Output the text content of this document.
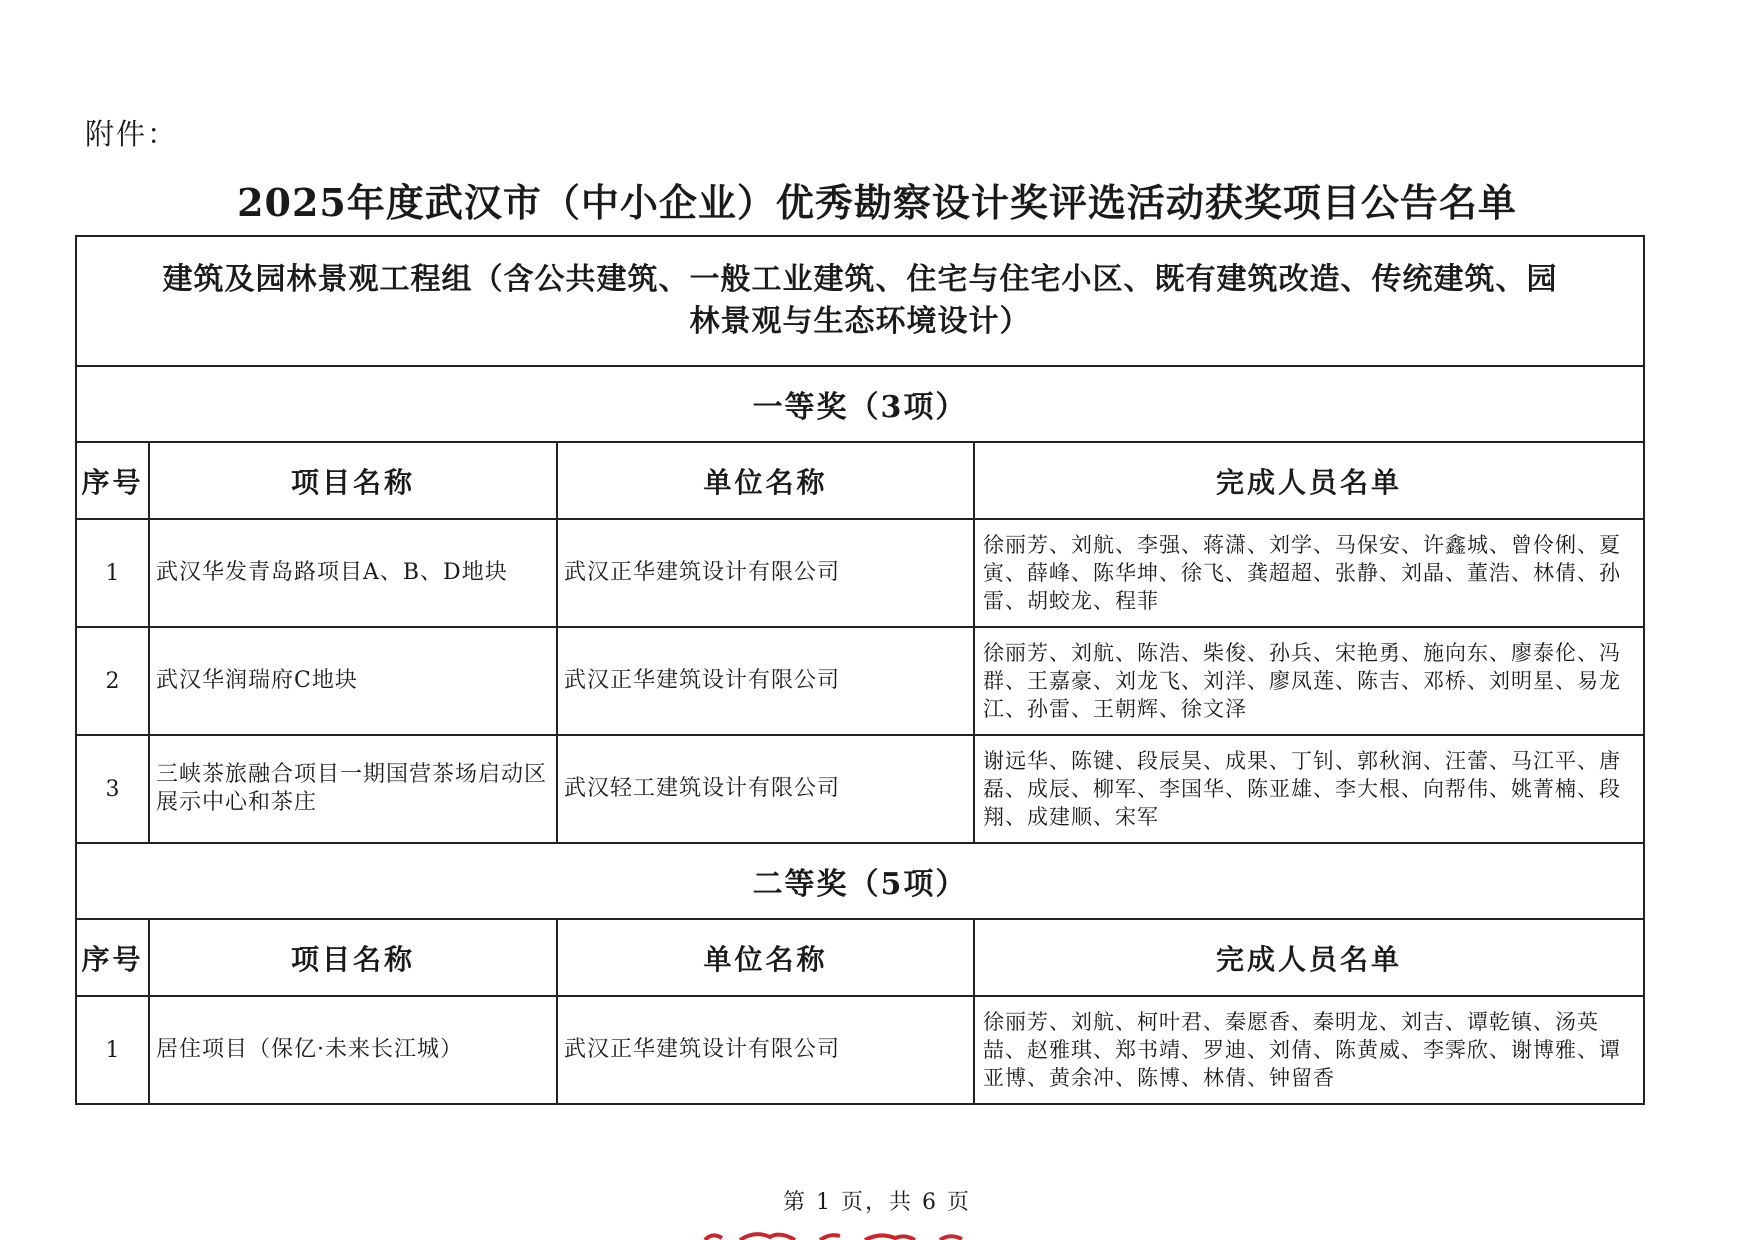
附件：
2025年度武汉市（中小企业）优秀勘察设计奖评选活动获奖项目公告名单
建筑及园林景观工程组（含公共建筑、一般工业建筑、住宅与住宅小区、既有建筑改造、传统建筑、园
林景观与生态环境设计）			

一等奖（3项）			
序号	项目名称	单位名称	完成人员名单
1	武汉华发青岛路项目A、B、D地块	武汉正华建筑设计有限公司	徐丽芳、刘航、李强、蒋潇、刘学、马保安、许鑫城、曾伶俐、夏寅、薛峰、陈华坤、徐飞、龚超超、张静、刘晶、董浩、林倩、孙雷、胡蛟龙、程菲
2	武汉华润瑞府C地块	武汉正华建筑设计有限公司	徐丽芳、刘航、陈浩、柴俊、孙兵、宋艳勇、施向东、廖泰伦、冯群、王嘉豪、刘龙飞、刘洋、廖凤莲、陈吉、邓桥、刘明星、易龙江、孙雷、王朝辉、徐文泽
3	三峡茶旅融合项目一期国营茶场启动区展示中心和茶庄	武汉轻工建筑设计有限公司	谢远华、陈键、段辰昊、成果、丁钊、郭秋润、汪蕾、马江平、唐磊、成辰、柳军、李国华、陈亚雄、李大根、向帮伟、姚菁楠、段翔、成建顺、宋军
二等奖（5项）			
序号	项目名称	单位名称	完成人员名单
1	居住项目（保亿·未来长江城）	武汉正华建筑设计有限公司	徐丽芳、刘航、柯叶君、秦愿香、秦明龙、刘吉、谭乾镇、汤英喆、赵雅琪、郑书靖、罗迪、刘倩、陈黄威、李霁欣、谢博雅、谭亚博、黄余冲、陈博、林倩、钟留香
第 1 页，共 6 页
